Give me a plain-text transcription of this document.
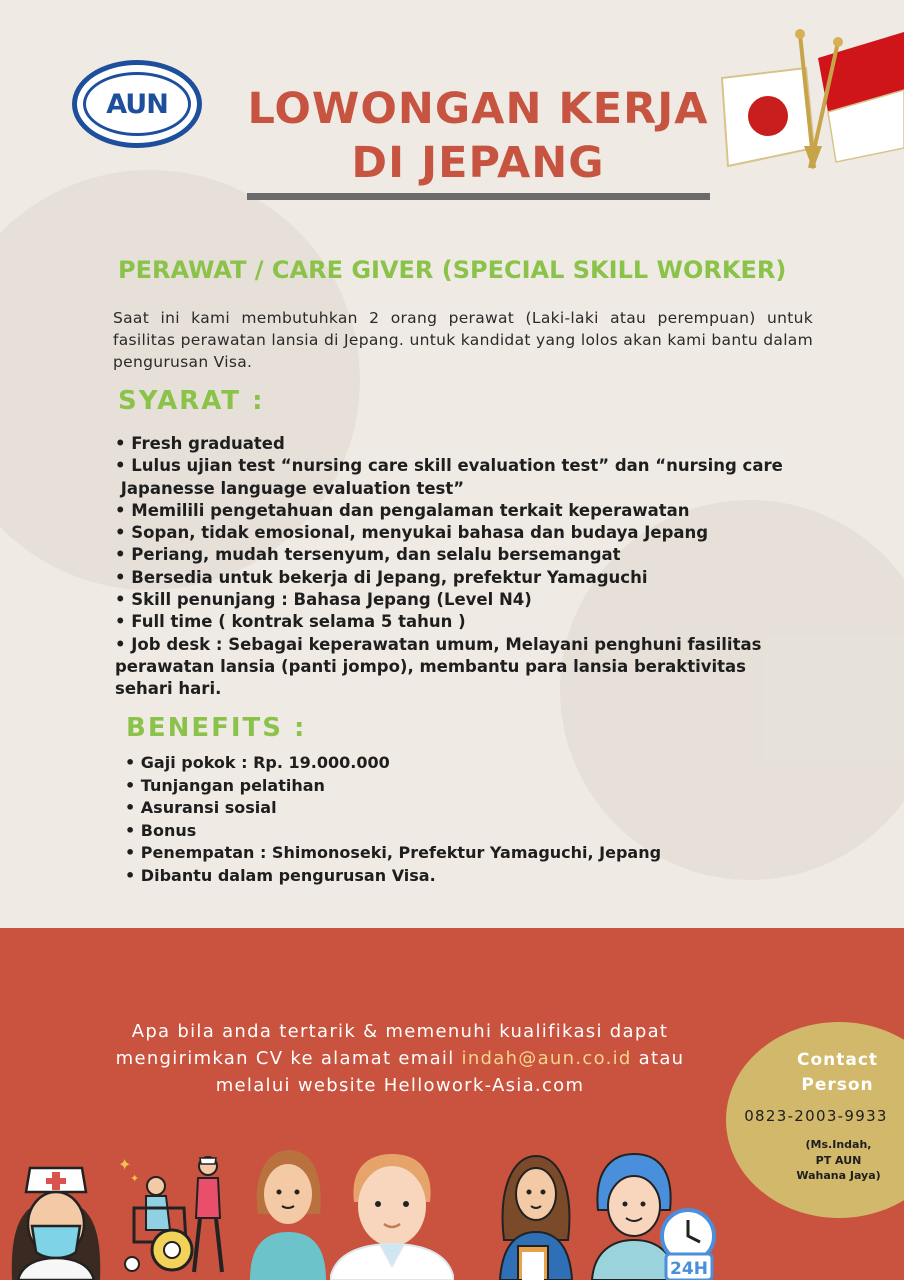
AUN	LOWONGAN KERJA
DI JEPANG
PERAWAT / CARE GIVER (SPECIAL SKILL WORKER)
Saat ini kami membutuhkan 2 orang perawat (Laki-laki atau perempuan) untuk fasilitas perawatan lansia di Jepang. untuk kandidat yang lolos akan kami bantu dalam pengurusan Visa.
SYARAT :
• Fresh graduated
• Lulus ujian test “nursing care skill evaluation test” dan “nursing care
Japanesse language evaluation test”
• Memilili pengetahuan dan pengalaman terkait keperawatan
• Sopan, tidak emosional, menyukai bahasa dan budaya Jepang
• Periang, mudah tersenyum, dan selalu bersemangat
• Bersedia untuk bekerja di Jepang, prefektur Yamaguchi
• Skill penunjang : Bahasa Jepang (Level N4)
• Full time ( kontrak selama 5 tahun )
• Job desk : Sebagai keperawatan umum, Melayani penghuni fasilitas
perawatan lansia (panti jompo), membantu para lansia beraktivitas
sehari hari.
BENEFITS :
• Gaji pokok : Rp. 19.000.000
• Tunjangan pelatihan
• Asuransi sosial
• Bonus
• Penempatan : Shimonoseki, Prefektur Yamaguchi, Jepang
• Dibantu dalam pengurusan Visa.
Apa bila anda tertarik & memenuhi kualifikasi dapat
mengirimkan CV ke alamat email indah@aun.co.id atau
melalui website Hellowork-Asia.com
Contact
Person
0823-2003-9933
(Ms.Indah,
PT AUN
Wahana Jaya)
✦
✦
24H
